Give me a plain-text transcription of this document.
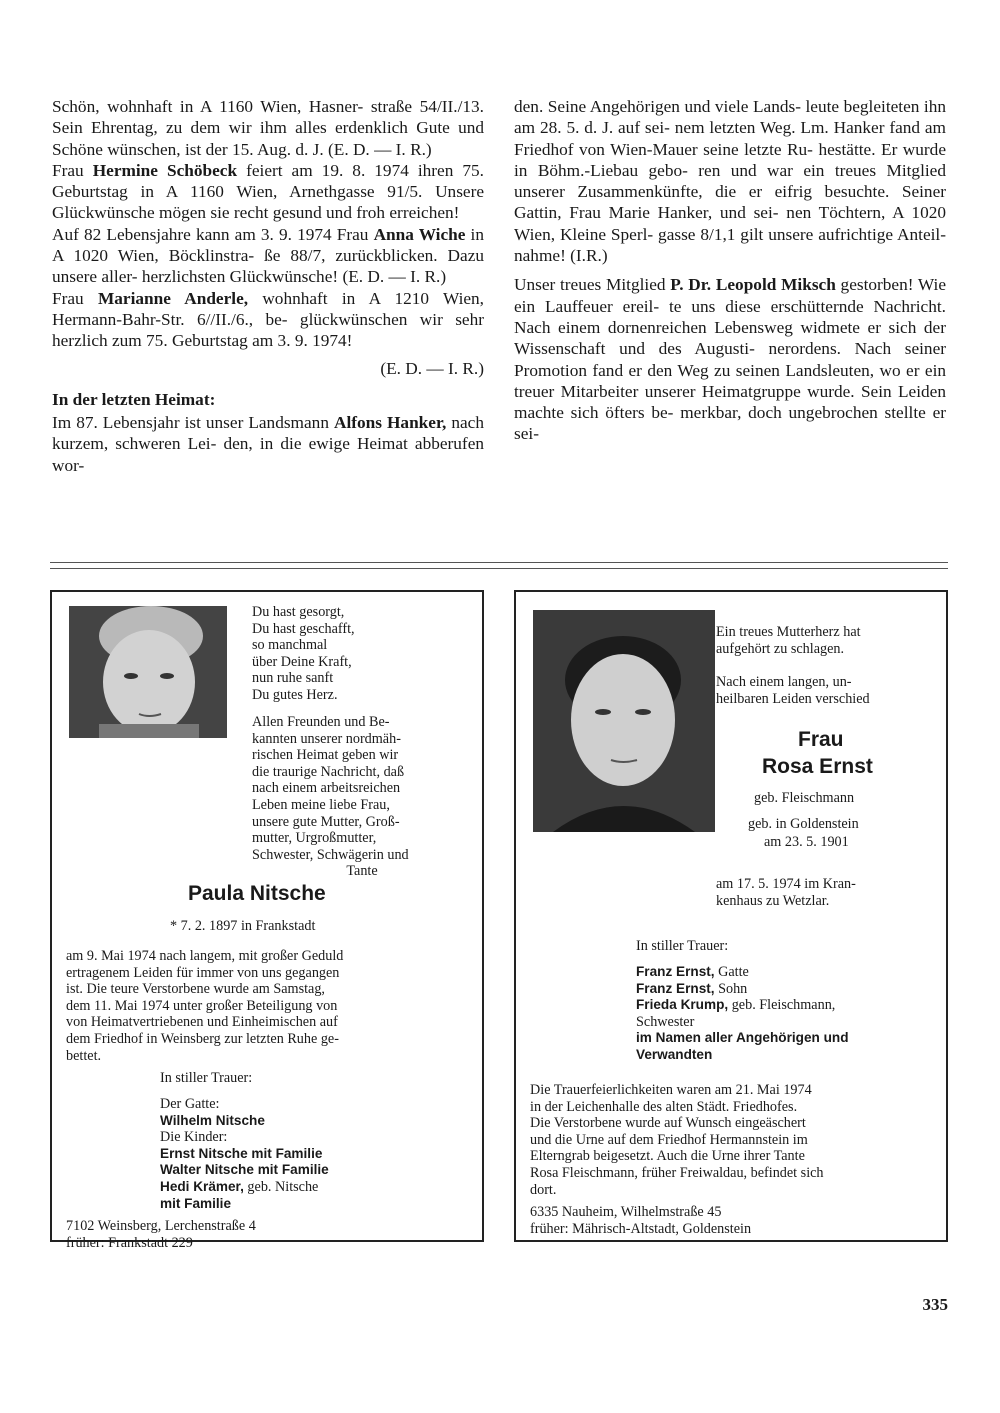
Schön, wohnhaft in A 1160 Wien, Hasner- straße 54/II./13. Sein Ehrentag, zu dem wir ihm alles erdenklich Gute und Schöne wünschen, ist der 15. Aug. d. J. (E. D. — I. R.)

Frau Hermine Schöbeck feiert am 19. 8. 1974 ihren 75. Geburtstag in A 1160 Wien, Arnethgasse 91/5. Unsere Glückwünsche mögen sie recht gesund und froh erreichen!

Auf 82 Lebensjahre kann am 3. 9. 1974 Frau Anna Wiche in A 1020 Wien, Böcklinstra- ße 88/7, zurückblicken. Dazu unsere aller- herzlichsten Glückwünsche! (E. D. — I. R.)

Frau Marianne Anderle, wohnhaft in A 1210 Wien, Hermann-Bahr-Str. 6//II./6., be- glückwünschen wir sehr herzlich zum 75. Geburtstag am 3. 9. 1974!

(E. D. — I. R.)

In der letzten Heimat:

Im 87. Lebensjahr ist unser Landsmann Alfons Hanker, nach kurzem, schweren Lei- den, in die ewige Heimat abberufen wor-

den. Seine Angehörigen und viele Lands- leute begleiteten ihn am 28. 5. d. J. auf sei- nem letzten Weg. Lm. Hanker fand am Friedhof von Wien-Mauer seine letzte Ru- hestätte. Er wurde in Böhm.-Liebau gebo- ren und war ein treues Mitglied unserer Zusammenkünfte, die er eifrig besuchte. Seiner Gattin, Frau Marie Hanker, und sei- nen Töchtern, A 1020 Wien, Kleine Sperl- gasse 8/1,1 gilt unsere aufrichtige Anteil- nahme! (I.R.)

Unser treues Mitglied P. Dr. Leopold Miksch gestorben! Wie ein Lauffeuer ereil- te uns diese erschütternde Nachricht. Nach einem dornenreichen Lebensweg widmete er sich der Wissenschaft und des Augusti- nerordens. Nach seiner Promotion fand er den Weg zu seinen Landsleuten, wo er ein treuer Mitarbeiter unserer Heimatgruppe wurde. Sein Leiden machte sich öfters be- merkbar, doch ungebrochen stellte er sei-

Du hast gesorgt,

Du hast geschafft,

so manchmal

über Deine Kraft,

nun ruhe sanft

Du gutes Herz.

Allen Freunden und Be-

kannten unserer nordmäh-

rischen Heimat geben wir

die traurige Nachricht, daß

nach einem arbeitsreichen

Leben meine liebe Frau,

unsere gute Mutter, Groß-

mutter, Urgroßmutter,

Schwester, Schwägerin und

Tante

Paula Nitsche
* 7. 2. 1897 in Frankstadt

am 9. Mai 1974 nach langem, mit großer Geduld

ertragenem Leiden für immer von uns gegangen

ist. Die teure Verstorbene wurde am Samstag,

dem 11. Mai 1974 unter großer Beteiligung von

von Heimatvertriebenen und Einheimischen auf

dem Friedhof in Weinsberg zur letzten Ruhe ge-

bettet.

In stiller Trauer:

Der Gatte:

Wilhelm Nitsche

Die Kinder:

Ernst Nitsche mit Familie

Walter Nitsche mit Familie

Hedi Krämer, geb. Nitsche

mit Familie

7102 Weinsberg, Lerchenstraße 4

früher: Frankstadt 229

Ein treues Mutterherz hat

aufgehört zu schlagen.

Nach einem langen, un-

heilbaren Leiden verschied

Frau
Rosa Ernst
geb. Fleischmann
geb. in Goldenstein
am 23. 5. 1901

am 17. 5. 1974 im Kran-

kenhaus zu Wetzlar.

In stiller Trauer:

Franz Ernst, Gatte

Franz Ernst, Sohn

Frieda Krump, geb. Fleischmann,

Schwester

im Namen aller Angehörigen und

Verwandten

Die Trauerfeierlichkeiten waren am 21. Mai 1974

in der Leichenhalle des alten Städt. Friedhofes.

Die Verstorbene wurde auf Wunsch eingeäschert

und die Urne auf dem Friedhof Hermannstein im

Elterngrab beigesetzt. Auch die Urne ihrer Tante

Rosa Fleischmann, früher Freiwaldau, befindet sich

dort.

6335 Nauheim, Wilhelmstraße 45

früher: Mährisch-Altstadt, Goldenstein

335
